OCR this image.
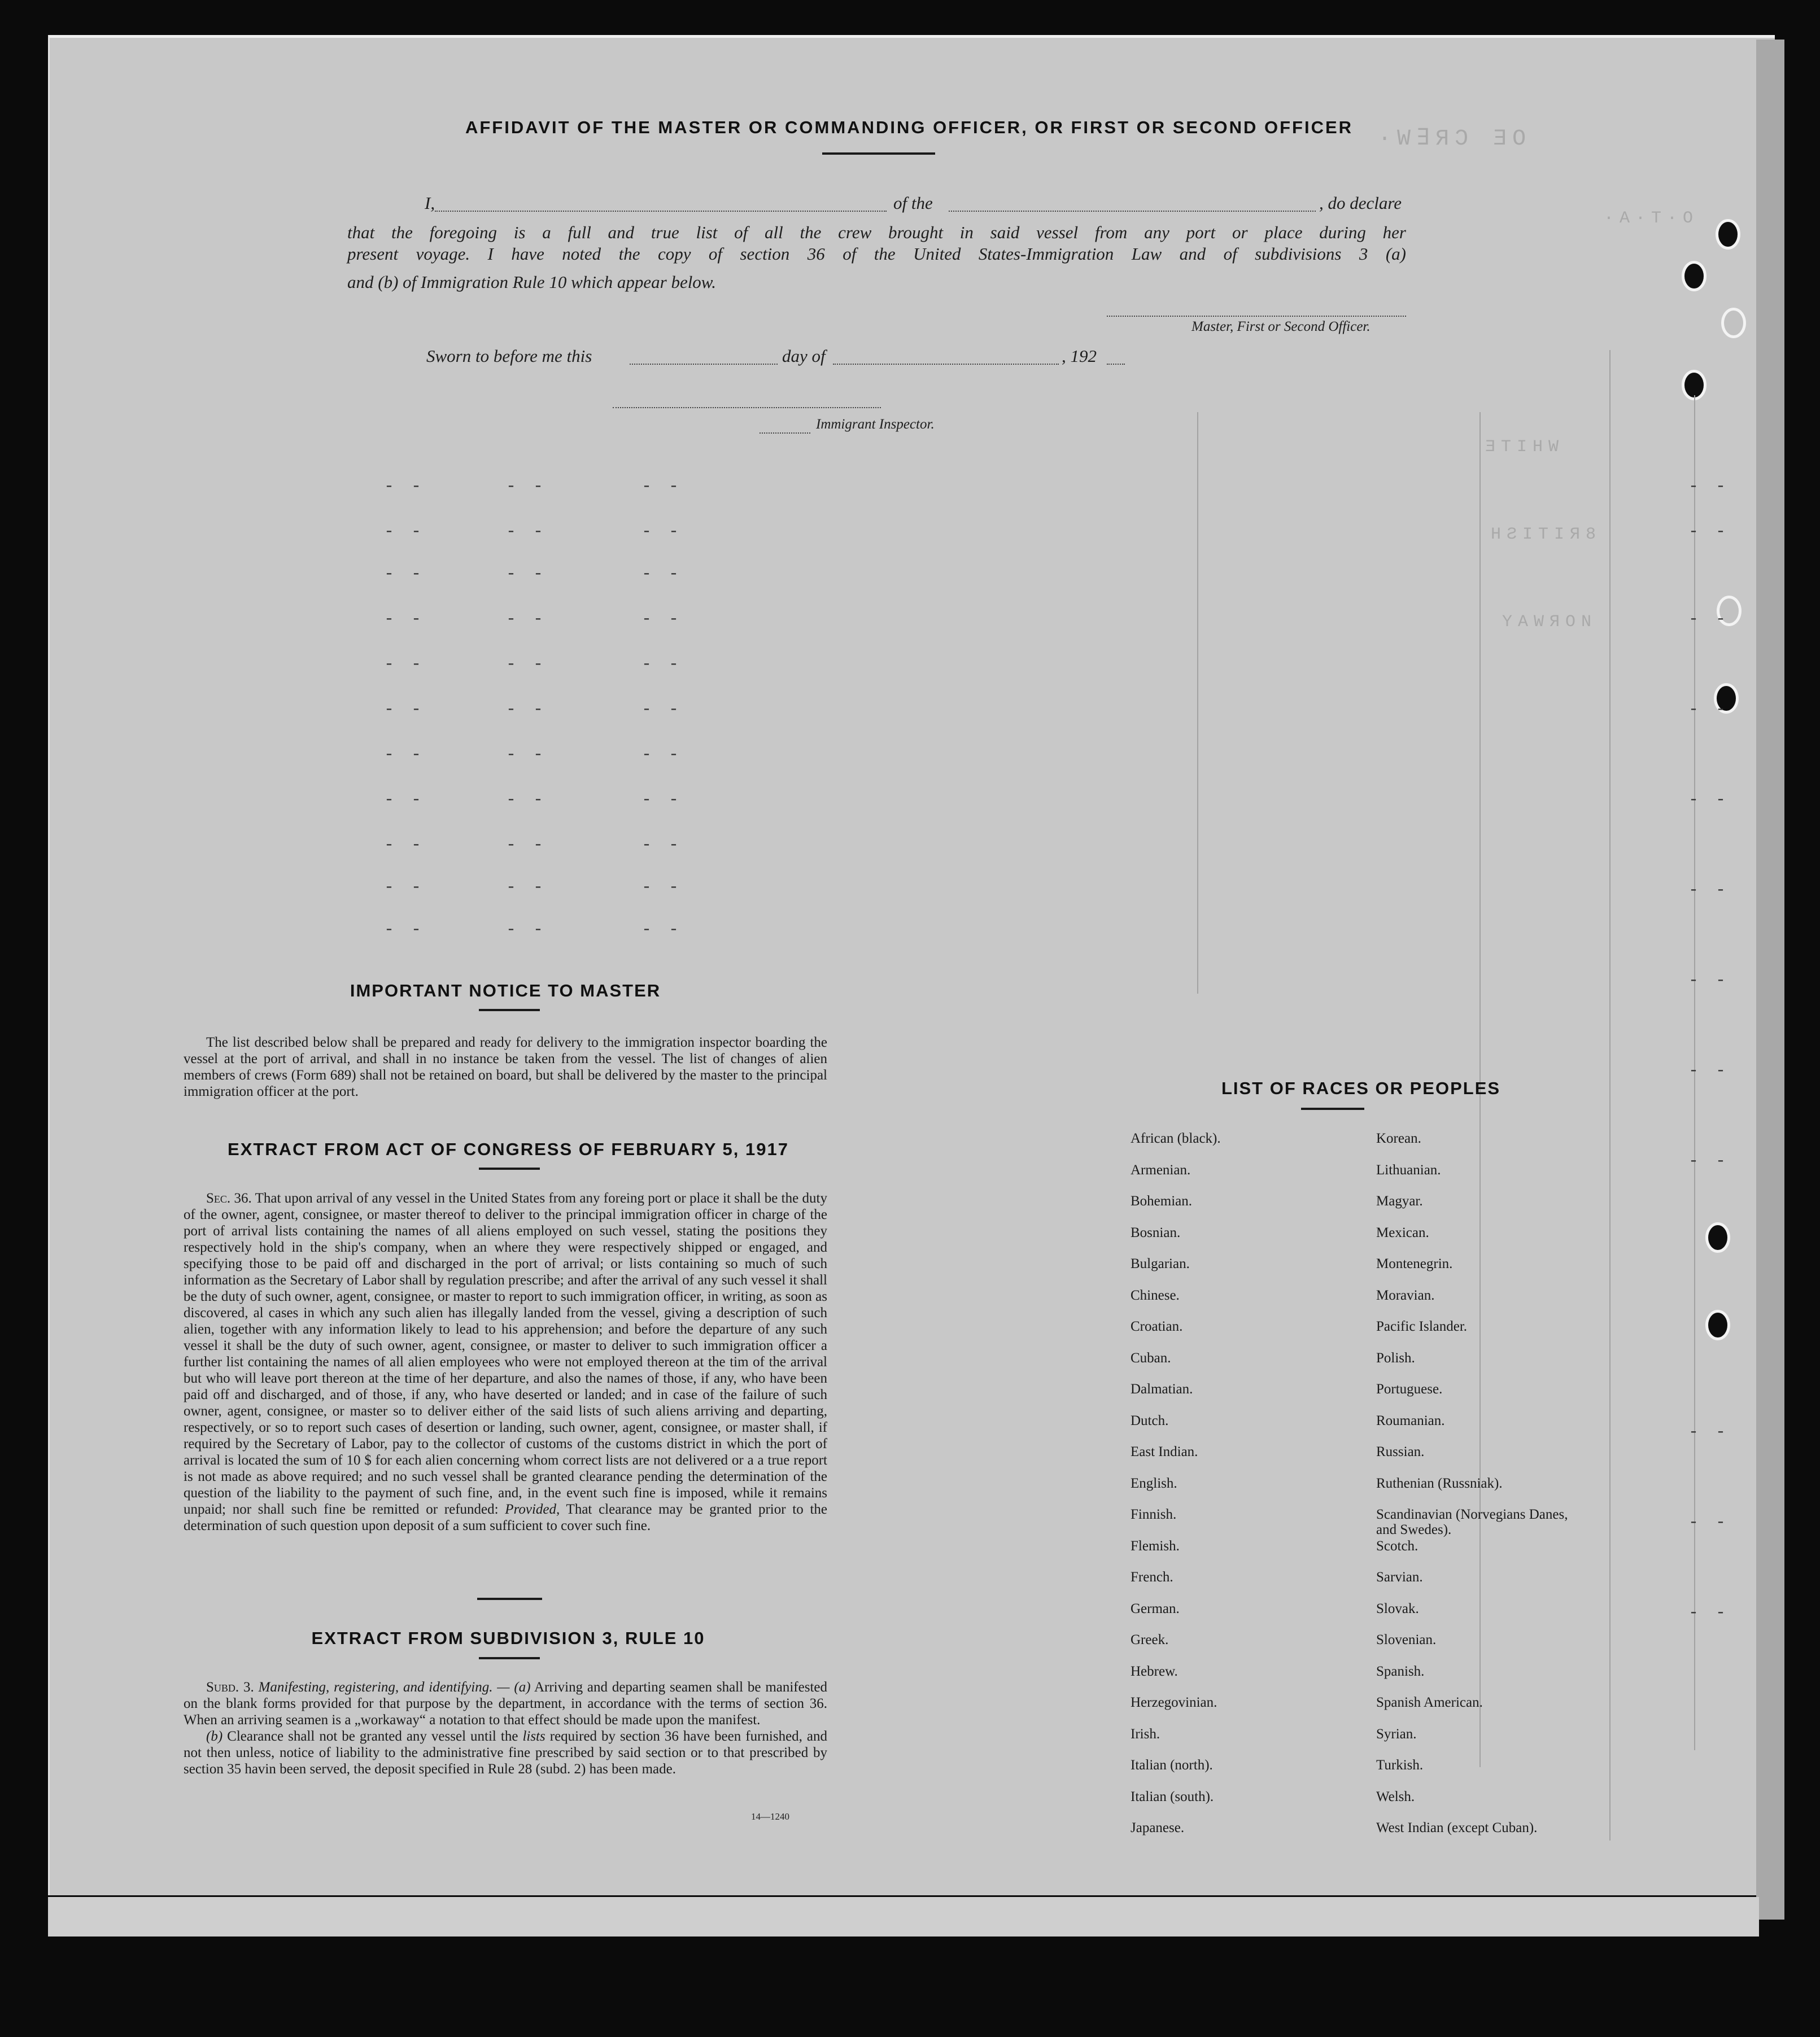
·W∃ЯƆ ƎO
·A·T·O
ƎTIHW
HƧITIЯ8
YAWЯON
- -      - -       - -
- -      - -       - -
- -      - -       - -
- -      - -       - -
- -      - -       - -
- -      - -       - -
- -      - -       - -
- -      - -       - -
- -      - -       - -
- -      - -       - -
- -      - -       - -
- -
- -
- -
- -
- -
- -
- -
- -
- -
- -
- -
- -
AFFIDAVIT OF THE MASTER OR COMMANDING OFFICER, OR FIRST OR SECOND OFFICER
I,	of the	, do declare
that the foregoing is a full and true list of all the crew brought in said vessel from any port or place during her
present voyage. I have noted the copy of section 36 of the United States-Immigration Law and of subdivisions 3 (a)
and (b) of Immigration Rule 10 which appear below.
Master, First or Second Officer.
Sworn to before me this	day of	, 192
Immigrant Inspector.
IMPORTANT NOTICE TO MASTER

The list described below shall be prepared and ready for delivery to the immigration inspector boarding the vessel at the port of arrival, and shall in no instance be taken from the vessel. The list of changes of alien members of crews (Form 689) shall not be retained on board, but shall be delivered by the master to the principal immigration officer at the port.

EXTRACT FROM ACT OF CONGRESS OF FEBRUARY 5, 1917

Sec. 36. That upon arrival of any vessel in the United States from any foreing port or place it shall be the duty of the owner, agent, consignee, or master thereof to deliver to the principal immigration officer in charge of the port of arrival lists containing the names of all aliens employed on such vessel, stating the positions they respectively hold in the ship's company, when an where they were respectively shipped or engaged, and specifying those to be paid off and discharged in the port of arrival; or lists containing so much of such information as the Secretary of Labor shall by regulation prescribe; and after the arrival of any such vessel it shall be the duty of such owner, agent, consignee, or master to report to such immigration officer, in writing, as soon as discovered, al cases in which any such alien has illegally landed from the vessel, giving a description of such alien, together with any information likely to lead to his apprehension; and before the departure of any such vessel it shall be the duty of such owner, agent, consignee, or master to deliver to such immigration officer a further list containing the names of all alien employees who were not employed thereon at the tim of the arrival but who will leave port thereon at the time of her departure, and also the names of those, if any, who have been paid off and discharged, and of those, if any, who have deserted or landed; and in case of the failure of such owner, agent, consignee, or master so to deliver either of the said lists of such aliens arriving and departing, respectively, or so to report such cases of desertion or landing, such owner, agent, consignee, or master shall, if required by the Secretary of Labor, pay to the collector of customs of the customs district in which the port of arrival is located the sum of 10 $ for each alien concerning whom correct lists are not delivered or a a true report is not made as above required; and no such vessel shall be granted clearance pending the determination of the question of the liability to the payment of such fine, and, in the event such fine is imposed, while it remains unpaid; nor shall such fine be remitted or refunded: Provided, That clearance may be granted prior to the determination of such question upon deposit of a sum sufficient to cover such fine.

EXTRACT FROM SUBDIVISION 3, RULE 10

Subd. 3. Manifesting, registering, and identifying. — (a) Arriving and departing seamen shall be manifested on the blank forms provided for that purpose by the department, in accordance with the terms of section 36. When an arriving seamen is a „workaway“ a notation to that effect should be made upon the manifest.

(b) Clearance shall not be granted any vessel until the lists required by section 36 have been furnished, and not then unless, notice of liability to the administrative fine prescribed by said section or to that prescribed by section 35 havin been served, the deposit specified in Rule 28 (subd. 2) has been made.

14—1240
LIST OF RACES OR PEOPLES
African (black).
Armenian.
Bohemian.
Bosnian.
Bulgarian.
Chinese.
Croatian.
Cuban.
Dalmatian.
Dutch.
East Indian.
English.
Finnish.
Flemish.
French.
German.
Greek.
Hebrew.
Herzegovinian.
Irish.
Italian (north).
Italian (south).
Japanese.
Korean.
Lithuanian.
Magyar.
Mexican.
Montenegrin.
Moravian.
Pacific Islander.
Polish.
Portuguese.
Roumanian.
Russian.
Ruthenian (Russniak).
Scandinavian (Norvegians Danes, and Swedes).
Scotch.
Sarvian.
Slovak.
Slovenian.
Spanish.
Spanish American.
Syrian.
Turkish.
Welsh.
West Indian (except Cuban).
